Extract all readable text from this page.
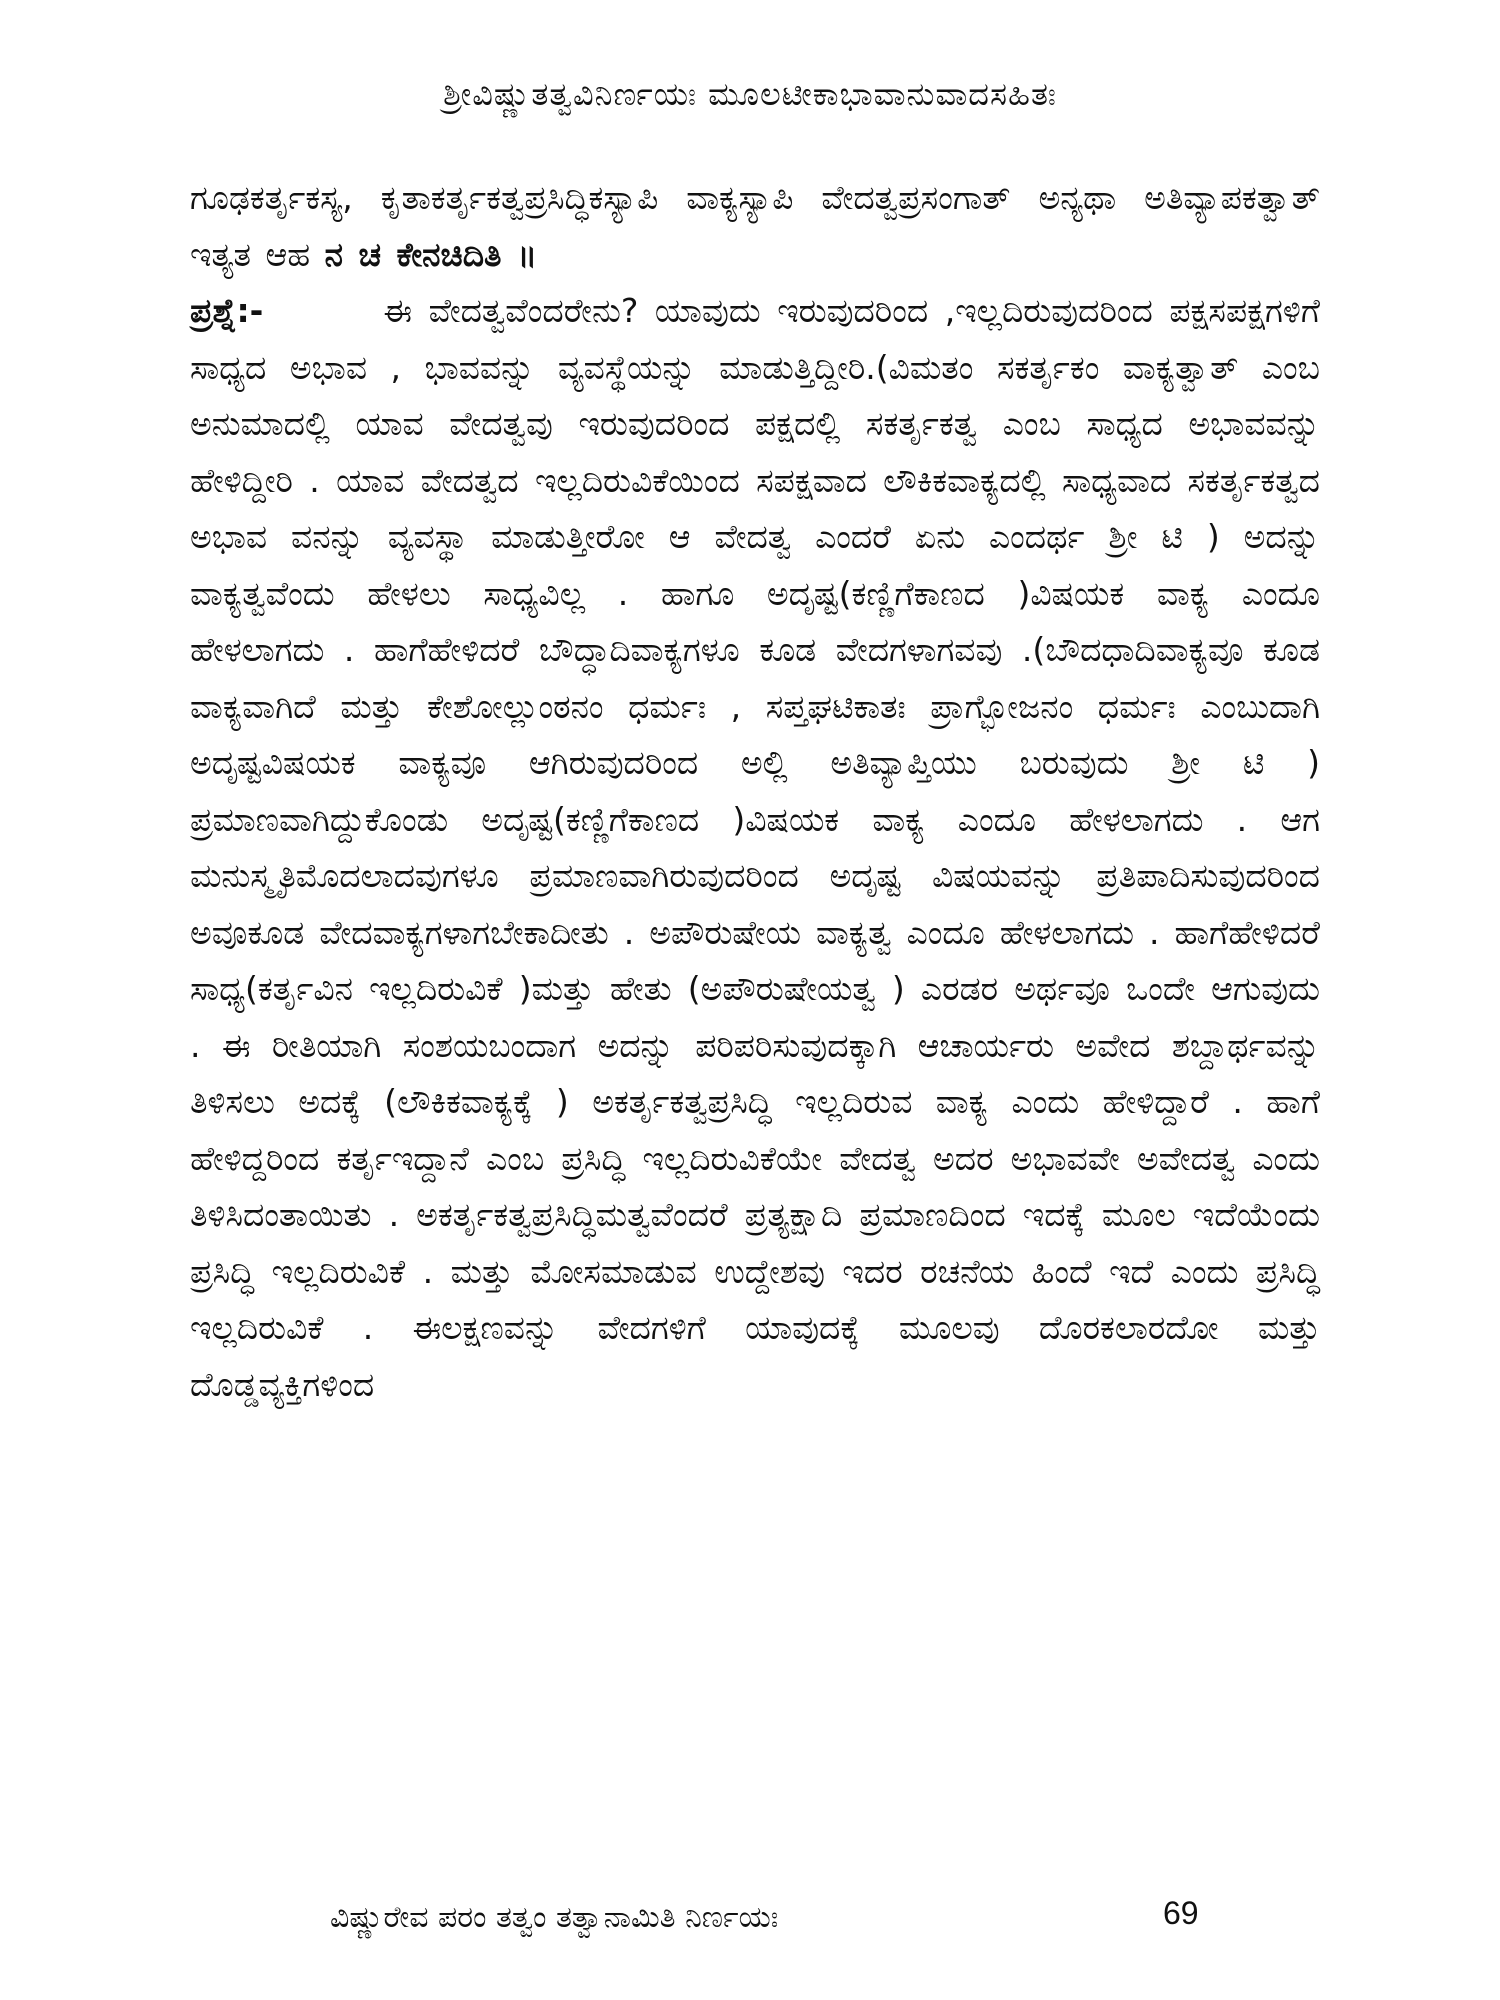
ಶ್ರೀವಿಷ್ಣುತತ್ವವಿನಿರ್ಣಯಃ ಮೂಲಟೀಕಾಭಾವಾನುವಾದಸಹಿತಃ

ಗೂಢಕರ್ತೃಕಸ್ಯ, ಕೃತಾಕರ್ತೃಕತ್ವಪ್ರಸಿದ್ಧಿಕಸ್ಯಾಪಿ ವಾಕ್ಯಸ್ಯಾಪಿ ವೇದತ್ವಪ್ರಸಂಗಾತ್ ಅನ್ಯಥಾ ಅತಿವ್ಯಾಪಕತ್ವಾತ್ ಇತ್ಯತ ಆಹ ನ ಚ ಕೇನಚಿದಿತಿ ॥

ಪ್ರಶ್ನೆ:-	ಈ ವೇದತ್ವವೆಂದರೇನು? ಯಾವುದು ಇರುವುದರಿಂದ ,ಇಲ್ಲದಿರುವುದರಿಂದ ಪಕ್ಷಸಪಕ್ಷಗಳಿಗೆ ಸಾಧ್ಯದ ಅಭಾವ , ಭಾವವನ್ನು ವ್ಯವಸ್ಥೆಯನ್ನು ಮಾಡುತ್ತಿದ್ದೀರಿ.(ವಿಮತಂ ಸಕರ್ತೃಕಂ ವಾಕ್ಯತ್ವಾತ್ ಎಂಬ ಅನುಮಾದಲ್ಲಿ ಯಾವ ವೇದತ್ವವು ಇರುವುದರಿಂದ ಪಕ್ಷದಲ್ಲಿ ಸಕರ್ತೃಕತ್ವ ಎಂಬ ಸಾಧ್ಯದ ಅಭಾವವನ್ನು ಹೇಳಿದ್ದೀರಿ . ಯಾವ ವೇದತ್ವದ ಇಲ್ಲದಿರುವಿಕೆಯಿಂದ ಸಪಕ್ಷವಾದ ಲೌಕಿಕವಾಕ್ಯದಲ್ಲಿ ಸಾಧ್ಯವಾದ ಸಕರ್ತೃಕತ್ವದ ಅಭಾವ ವನನ್ನು ವ್ಯವಸ್ಥಾ ಮಾಡುತ್ತೀರೋ ಆ ವೇದತ್ವ ಎಂದರೆ ಏನು ಎಂದರ್ಥ ಶ್ರೀ ಟಿ ) ಅದನ್ನು ವಾಕ್ಯತ್ವವೆಂದು ಹೇಳಲು ಸಾಧ್ಯವಿಲ್ಲ . ಹಾಗೂ ಅದೃಷ್ಟ(ಕಣ್ಣಿಗೆಕಾಣದ )ವಿಷಯಕ ವಾಕ್ಯ ಎಂದೂ ಹೇಳಲಾಗದು . ಹಾಗೆಹೇಳಿದರೆ ಬೌದ್ಧಾದಿವಾಕ್ಯಗಳೂ ಕೂಡ ವೇದಗಳಾಗವವು .(ಬೌದಧಾದಿವಾಕ್ಯವೂ ಕೂಡ ವಾಕ್ಯವಾಗಿದೆ ಮತ್ತು ಕೇಶೋಲ್ಲುಂಠನಂ ಧರ್ಮಃ , ಸಪ್ತಘಟಿಕಾತಃ ಪ್ರಾಗ್ಭೋಜನಂ ಧರ್ಮಃ ಎಂಬುದಾಗಿ ಅದೃಷ್ಟವಿಷಯಕ ವಾಕ್ಯವೂ ಆಗಿರುವುದರಿಂದ ಅಲ್ಲಿ ಅತಿವ್ಯಾಪ್ತಿಯು ಬರುವುದು ಶ್ರೀ ಟಿ ) ಪ್ರಮಾಣವಾಗಿದ್ದುಕೊಂಡು ಅದೃಷ್ಟ(ಕಣ್ಣಿಗೆಕಾಣದ )ವಿಷಯಕ ವಾಕ್ಯ ಎಂದೂ ಹೇಳಲಾಗದು . ಆಗ ಮನುಸ್ಮೃತಿಮೊದಲಾದವುಗಳೂ ಪ್ರಮಾಣವಾಗಿರುವುದರಿಂದ ಅದೃಷ್ಟ ವಿಷಯವನ್ನು ಪ್ರತಿಪಾದಿಸುವುದರಿಂದ ಅವೂಕೂಡ ವೇದವಾಕ್ಯಗಳಾಗಬೇಕಾದೀತು . ಅಪೌರುಷೇಯ ವಾಕ್ಯತ್ವ ಎಂದೂ ಹೇಳಲಾಗದು . ಹಾಗೆಹೇಳಿದರೆ ಸಾಧ್ಯ(ಕರ್ತೃವಿನ ಇಲ್ಲದಿರುವಿಕೆ )ಮತ್ತು ಹೇತು (ಅಪೌರುಷೇಯತ್ವ ) ಎರಡರ ಅರ್ಥವೂ ಒಂದೇ ಆಗುವುದು . ಈ ರೀತಿಯಾಗಿ ಸಂಶಯಬಂದಾಗ ಅದನ್ನು ಪರಿಪರಿಸುವುದಕ್ಕಾಗಿ ಆಚಾರ್ಯರು ಅವೇದ ಶಬ್ದಾರ್ಥವನ್ನು ತಿಳಿಸಲು ಅದಕ್ಕೆ (ಲೌಕಿಕವಾಕ್ಯಕ್ಕೆ ) ಅಕರ್ತೃಕತ್ವಪ್ರಸಿದ್ಧಿ ಇಲ್ಲದಿರುವ ವಾಕ್ಯ ಎಂದು ಹೇಳಿದ್ದಾರೆ . ಹಾಗೆ ಹೇಳಿದ್ದರಿಂದ ಕರ್ತೃಇದ್ದಾನೆ ಎಂಬ ಪ್ರಸಿದ್ಧಿ ಇಲ್ಲದಿರುವಿಕೆಯೇ ವೇದತ್ವ ಅದರ ಅಭಾವವೇ ಅವೇದತ್ವ ಎಂದು ತಿಳಿಸಿದಂತಾಯಿತು . ಅಕರ್ತೃಕತ್ವಪ್ರಸಿದ್ಧಿಮತ್ವವೆಂದರೆ ಪ್ರತ್ಯಕ್ಷಾದಿ ಪ್ರಮಾಣದಿಂದ ಇದಕ್ಕೆ ಮೂಲ ಇದೆಯೆಂದು ಪ್ರಸಿದ್ಧಿ ಇಲ್ಲದಿರುವಿಕೆ . ಮತ್ತು ಮೋಸಮಾಡುವ ಉದ್ದೇಶವು ಇದರ ರಚನೆಯ ಹಿಂದೆ ಇದೆ ಎಂದು ಪ್ರಸಿದ್ಧಿ ಇಲ್ಲದಿರುವಿಕೆ . ಈಲಕ್ಷಣವನ್ನು ವೇದಗಳಿಗೆ ಯಾವುದಕ್ಕೆ ಮೂಲವು ದೊರಕಲಾರದೋ ಮತ್ತು ದೊಡ್ಡವ್ಯಕ್ತಿಗಳಿಂದ

ವಿಷ್ಣುರೇವ ಪರಂ ತತ್ವಂ ತತ್ವಾನಾಮಿತಿ ನಿರ್ಣಯಃ	69
